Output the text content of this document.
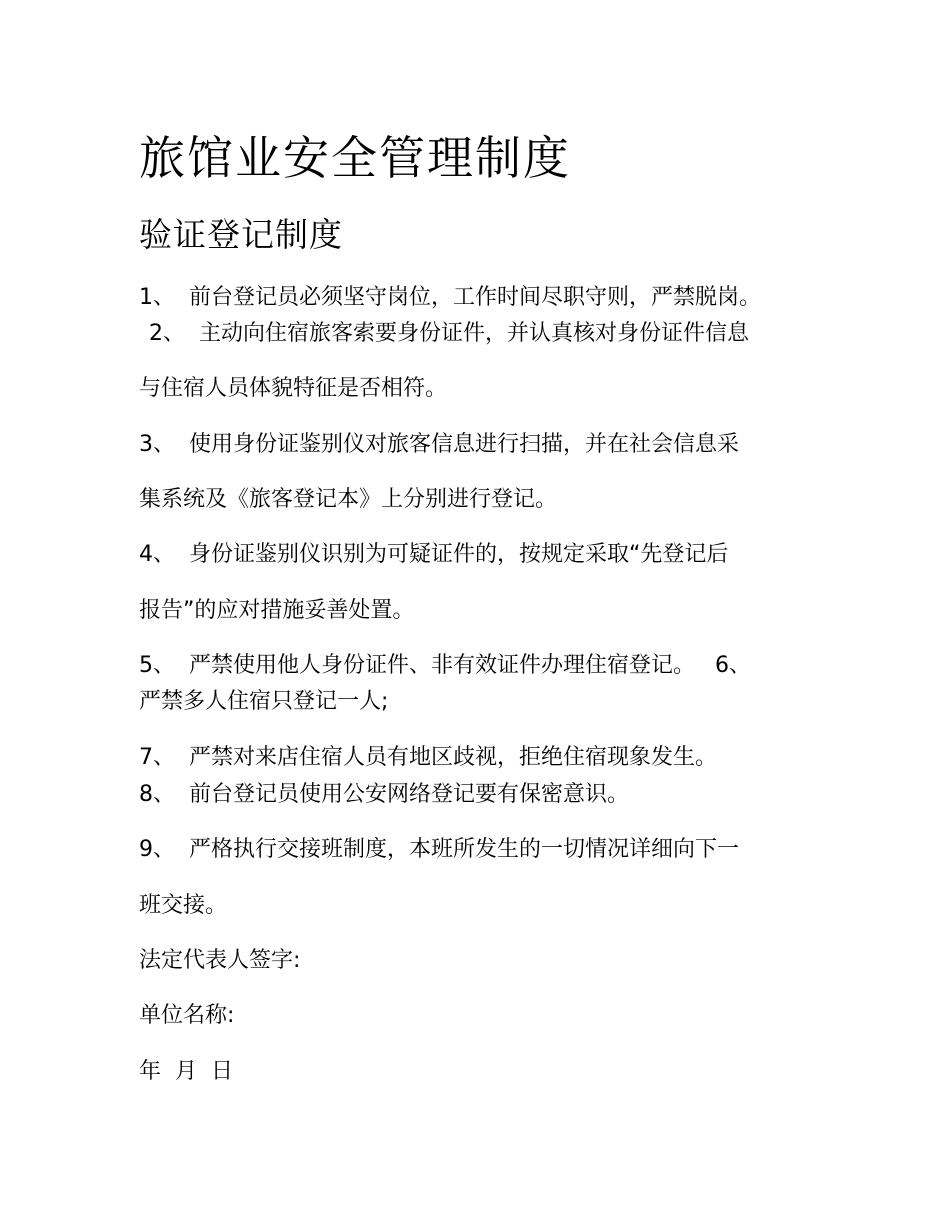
旅馆业安全管理制度
验证登记制度
1、 前台登记员必须坚守岗位，工作时间尽职守则，严禁脱岗。
2、 主动向住宿旅客索要身份证件，并认真核对身份证件信息
与住宿人员体貌特征是否相符。
3、 使用身份证鉴别仪对旅客信息进行扫描，并在社会信息采
集系统及《旅客登记本》上分别进行登记。
4、 身份证鉴别仪识别为可疑证件的，按规定采取“先登记后
报告”的应对措施妥善处置。
5、 严禁使用他人身份证件、非有效证件办理住宿登记。 6、
严禁多人住宿只登记一人;
7、 严禁对来店住宿人员有地区歧视，拒绝住宿现象发生。
8、 前台登记员使用公安网络登记要有保密意识。
9、 严格执行交接班制度，本班所发生的一切情况详细向下一
班交接。
法定代表人签字:
单位名称:
年  月  日
